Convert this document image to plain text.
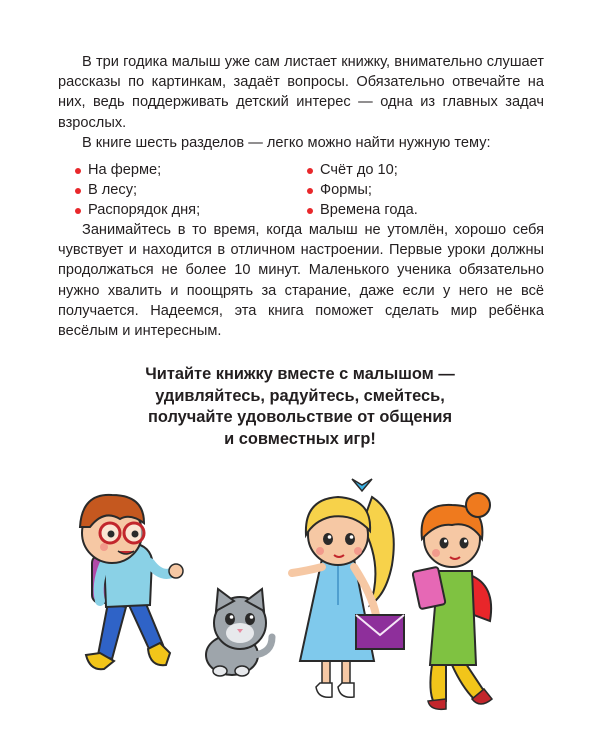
В три годика малыш уже сам листает книжку, внимательно слушает рассказы по картинкам, задаёт вопросы. Обязательно отвечайте на них, ведь поддерживать детский интерес — одна из главных задач взрослых.

В книге шесть разделов — легко можно найти нужную тему:

На ферме;
В лесу;
Распорядок дня;
Счёт до 10;
Формы;
Времена года.

Занимайтесь в то время, когда малыш не утомлён, хорошо себя чувствует и находится в отличном настроении. Первые уроки должны продолжаться не более 10 минут. Маленького ученика обязательно нужно хвалить и поощрять за старание, даже если у него не всё получается. Надеемся, эта книга поможет сделать мир ребёнка весёлым и интересным.

Читайте книжку вместе с малышом —
удивляйтесь, радуйтесь, смейтесь,
получайте удовольствие от общения
и совместных игр!
